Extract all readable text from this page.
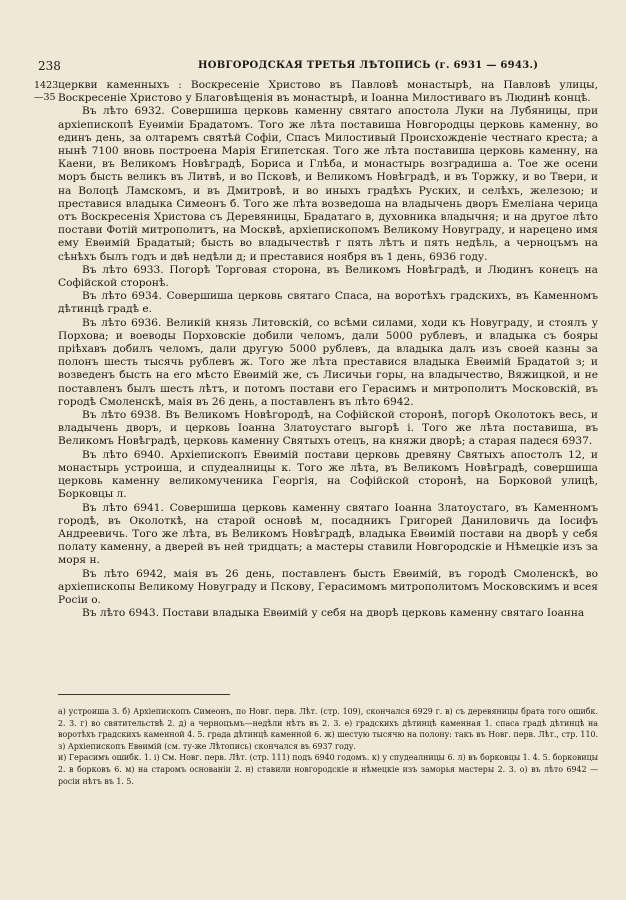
238	НОВГОРОДСКАЯ ТРЕТЬЯ ЛѢТОПИСЬ (г. 6931 — 6943.)
1423
—35

церкви каменныхъ : Воскресеніе Христово въ Павловѣ монастырѣ, на Павловѣ улицы, Воскресеніе Христово у Благовѣщенія въ монастырѣ, и Іоанна Милостиваго въ Людинѣ концѣ.

Въ лѣто 6932. Совершиша церковь каменну святаго апостола Луки на Лубяницы, при архіепископѣ Еуѳиміи Брадатомъ. Того же лѣта поставиша Новгородцы церковь каменну, во единъ день, за олтаремъ святѣй Софіи, Спасъ Милостивый Происхожденіе честнаго креста; а нынѣ 7100 вновь построена Марія Египетская. Того же лѣта поставиша церковь каменну, на Кaени, въ Великомъ Новѣградѣ, Бориса и Глѣба, и монастырь возградиша а. Тое же осени моръ бысть великъ въ Литвѣ, и во Псковѣ, и Великомъ Новѣградѣ, и въ Торжку, и во Твери, и на Волоцѣ Ламскомъ, и въ Дмитровѣ, и во иныхъ градѣхъ Руских, и селѣхъ, железою; и преставися владыка Симеонъ б. Того же лѣта возведоша на владычень дворъ Емеліана черица отъ Воскресенія Христова съ Деревяницы, Брадатаго в, духовника владычня; и на другое лѣто постави Фотій митрополитъ, на Москвѣ, архіепископомъ Великому Новуграду, и нарецено имя ему Евѳимій Брадатый; бысть во владычествѣ г пять лѣтъ и пять недѣль, а черноцъмъ на сѣнѣхъ былъ годъ и двѣ недѣли д; и преставися ноября въ 1 день, 6936 году.

Въ лѣто 6933. Погорѣ Торговая сторона, въ Великомъ Новѣградѣ, и Людинъ конецъ на Софійской сторонѣ.

Въ лѣто 6934. Совершиша церковь святаго Спаса, на воротѣхъ градскихъ, въ Каменномъ дѣтинцѣ градѣ е.

Въ лѣто 6936. Великій князь Литовскій, со всѣми силами, ходи къ Новуграду, и стоялъ у Порхова; и воеводы Порховскіе добили челомъ, дали 5000 рублевъ, и владыка съ бояры пріѣхавъ добилъ челомъ, дали другую 5000 рублевъ, да владыка далъ изъ своей казны за полонъ шесть тысячь рублевъ ж. Того же лѣта преставися владыка Евѳимій Брадатой з; и возведенъ бысть на его мѣсто Евѳимій же, съ Лисичьи горы, на владычество, Вяжицкой, и не поставленъ былъ шесть лѣтъ, и потомъ постави его Герасимъ и митрополитъ Московскій, въ городѣ Смоленскѣ, маія въ 26 день, а поставленъ въ лѣто 6942.

Въ лѣто 6938. Въ Великомъ Новѣгородѣ, на Софійской сторонѣ, погорѣ Околотокъ весь, и владычень дворъ, и церковь Іоанна Златоустаго выгорѣ і. Того же лѣта поставиша, въ Великомъ Новѣградѣ, церковь каменну Святыхъ отецъ, на княжи дворѣ; а старая падеся 6937.

Въ лѣто 6940. Архіепископъ Евѳимій постави церковь древяну Святыхъ апостолъ 12, и монастырь устроиша, и спудеалницы к. Того же лѣта, въ Великомъ Новѣградѣ, совершиша церковь каменну великомученика Георгія, на Софійской сторонѣ, на Борковой улицѣ, Борковцы л.

Въ лѣто 6941. Совершиша церковь каменну святаго Іоанна Златоустаго, въ Каменномъ городѣ, въ Околоткѣ, на старой основѣ м, посадникъ Григорей Даниловичь да Іосифъ Андреевичь. Того же лѣта, въ Великомъ Новѣградѣ, владыка Евѳимій постави на дворѣ у себя полату каменну, а дверей въ ней тридцать; а мастеры ставили Новгородскіе и Нѣмецкіе изъ за моря н.

Въ лѣто 6942, маія въ 26 день, поставленъ бысть Евѳимій, въ городѣ Смоленскѣ, во архіепископы Великому Новуграду и Пскову, Герасимомъ митрополитомъ Московскимъ и всея Росіи о.

Въ лѣто 6943. Постави владыка Евѳимій у себя на дворѣ церковь каменну святаго Іоанна

а) устроиша 3. б) Архіепископъ Симеонъ, по Новг. перв. Лѣт. (стр. 109), скончался 6929 г. в) съ деревяницы брата того ошибк. 2. 3. г) во святительствѣ 2. д) а черноцъмъ—недѣли нѣтъ въ 2. 3. е) градскихъ дѣтинцѣ каменная 1. спаса градѣ дѣтинцѣ на воротѣхъ градскихъ каменной 4. 5. града дѣтинцѣ каменной 6. ж) шестую тысячю на полону: такъ въ Новг. перв. Лѣт., стр. 110. з) Архіепископъ Евѳимій (см. ту-же Лѣтопись) скончался въ 6937 году.

и) Герасимъ ошибк. 1. і) См. Новг. перв. Лѣт. (стр. 111) подъ 6940 годомъ. к) у спудеалницы 6. л) въ борковцы 1. 4. 5. борковицы 2. в борковъ 6. м) на старомъ основаніи 2. н) ставили новгородскіе и нѣмецкіе изъ заморья мастеры 2. 3. о) въ лѣто 6942 — росіи нѣтъ въ 1. 5.
